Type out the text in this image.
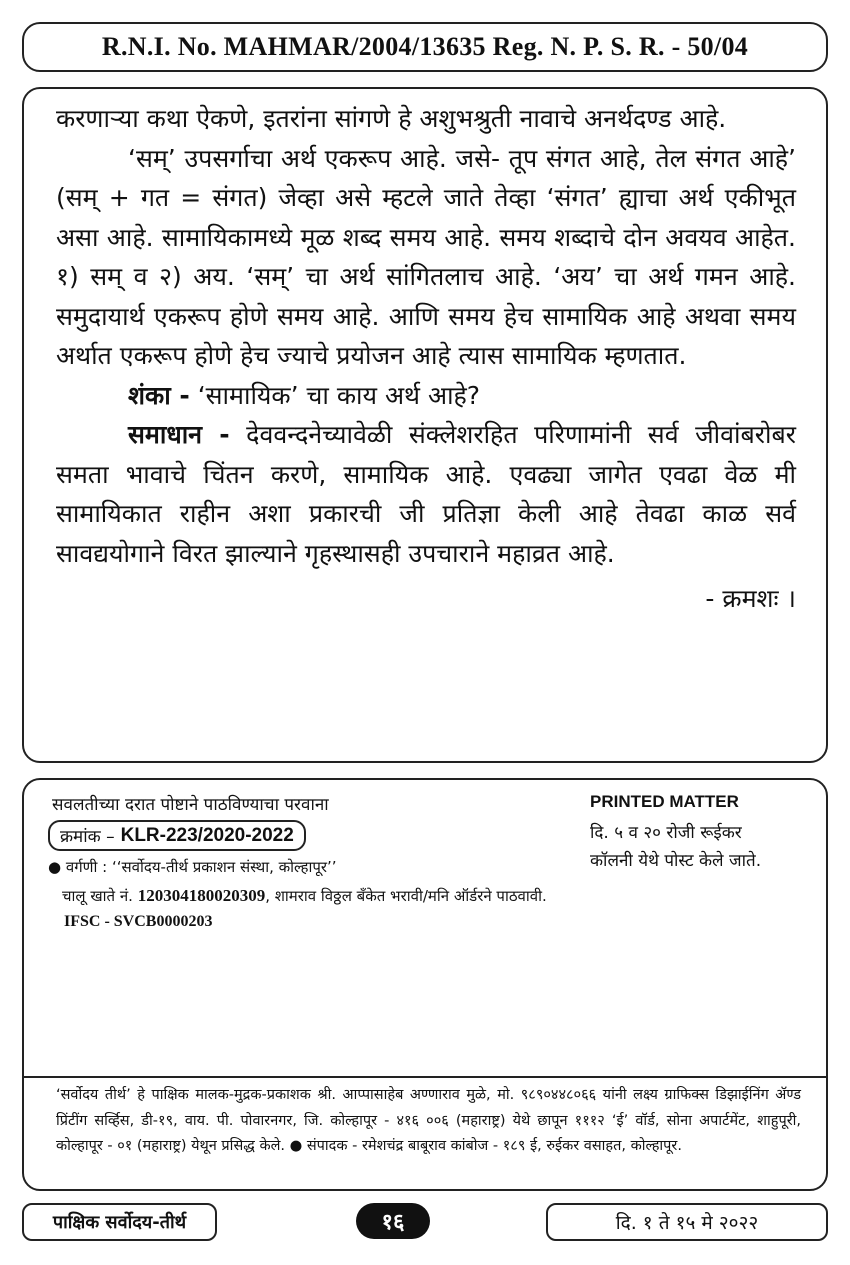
R.N.I. No. MAHMAR/2004/13635 Reg. N. P. S. R. - 50/04

करणाऱ्या कथा ऐकणे, इतरांना सांगणे हे अशुभश्रुती नावाचे अनर्थदण्ड आहे.

‘सम्’ उपसर्गाचा अर्थ एकरूप आहे. जसे- तूप संगत आहे, तेल संगत आहे’ (सम् + गत = संगत) जेव्हा असे म्हटले जाते तेव्हा ‘संगत’ ह्याचा अर्थ एकीभूत असा आहे. सामायिकामध्ये मूळ शब्द समय आहे. समय शब्दाचे दोन अवयव आहेत. १) सम् व २) अय. ‘सम्’ चा अर्थ सांगितलाच आहे. ‘अय’ चा अर्थ गमन आहे. समुदायार्थ एकरूप होणे समय आहे. आणि समय हेच सामायिक आहे अथवा समय अर्थात एकरूप होणे हेच ज्याचे प्रयोजन आहे त्यास सामायिक म्हणतात.

शंका - ‘सामायिक’ चा काय अर्थ आहे?

समाधान - देववन्दनेच्यावेळी संक्लेशरहित परिणामांनी सर्व जीवांबरोबर समता भावाचे चिंतन करणे, सामायिक आहे. एवढ्या जागेत एवढा वेळ मी सामायिकात राहीन अशा प्रकारची जी प्रतिज्ञा केली आहे तेवढा काळ सर्व सावद्ययोगाने विरत झाल्याने गृहस्थासही उपचाराने महाव्रत आहे.

- क्रमशः ।

सवलतीच्या दरात पोष्टाने पाठविण्याचा परवाना
क्रमांक – KLR-223/2020-2022
PRINTED MATTER
दि. ५ व २० रोजी रूईकर
कॉलनी येथे पोस्ट केले जाते.
● वर्गणी : ‘‘सर्वोदय-तीर्थ प्रकाशन संस्था, कोल्हापूर’’
चालू खाते नं. 120304180020309, शामराव विठ्ठल बँकेत भरावी/मनि ऑर्डरने पाठवावी.
IFSC - SVCB0000203
‘सर्वोदय तीर्थ’ हे पाक्षिक मालक-मुद्रक-प्रकाशक श्री. आप्पासाहेब अण्णाराव मुळे, मो. ९८९०४४८०६६ यांनी लक्ष्य ग्राफिक्स डिझाईनिंग ॲण्ड प्रिंटींग सर्व्हिस, डी-१९, वाय. पी. पोवारनगर, जि. कोल्हापूर - ४१६ ००६ (महाराष्ट्र) येथे छापून १११२ ‘ई’ वॉर्ड, सोना अपार्टमेंट, शाहुपूरी, कोल्हापूर - ०१ (महाराष्ट्र) येथून प्रसिद्ध केले. ● संपादक - रमेशचंद्र बाबूराव कांबोज - १८९ ई, रुईकर वसाहत, कोल्हापूर.
पाक्षिक सर्वोदय-तीर्थ	१६	दि. १ ते १५ मे २०२२
